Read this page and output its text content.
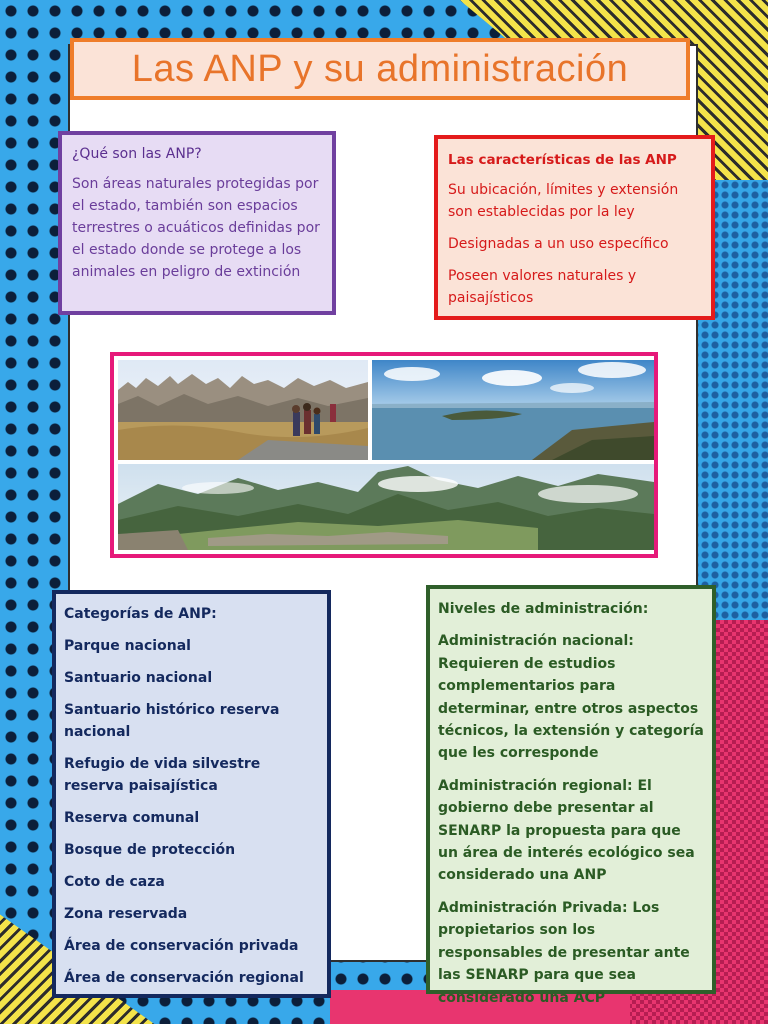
Las ANP y su administración

¿Qué son las ANP?

Son áreas naturales protegidas por el estado, también son espacios terrestres o acuáticos definidas por el estado donde se protege a los animales en peligro de extinción

Las características de las ANP

Su ubicación, límites y extensión son establecidas por la ley

Designadas a un uso específico

Poseen valores naturales y paisajísticos

Categorías de ANP:

Parque nacional

Santuario nacional

Santuario histórico reserva nacional

Refugio de vida silvestre reserva paisajística

Reserva comunal

Bosque de protección

Coto de caza

Zona reservada

Área de conservación privada

Área de conservación regional

Niveles de administración:

Administración nacional: Requieren de estudios complementarios para determinar, entre otros aspectos técnicos, la extensión y categoría que les corresponde

Administración regional: El gobierno debe presentar al SENARP la propuesta para que un área de interés ecológico sea considerado una ANP

Administración Privada: Los propietarios son los responsables de presentar ante las SENARP para que sea considerado una ACP
